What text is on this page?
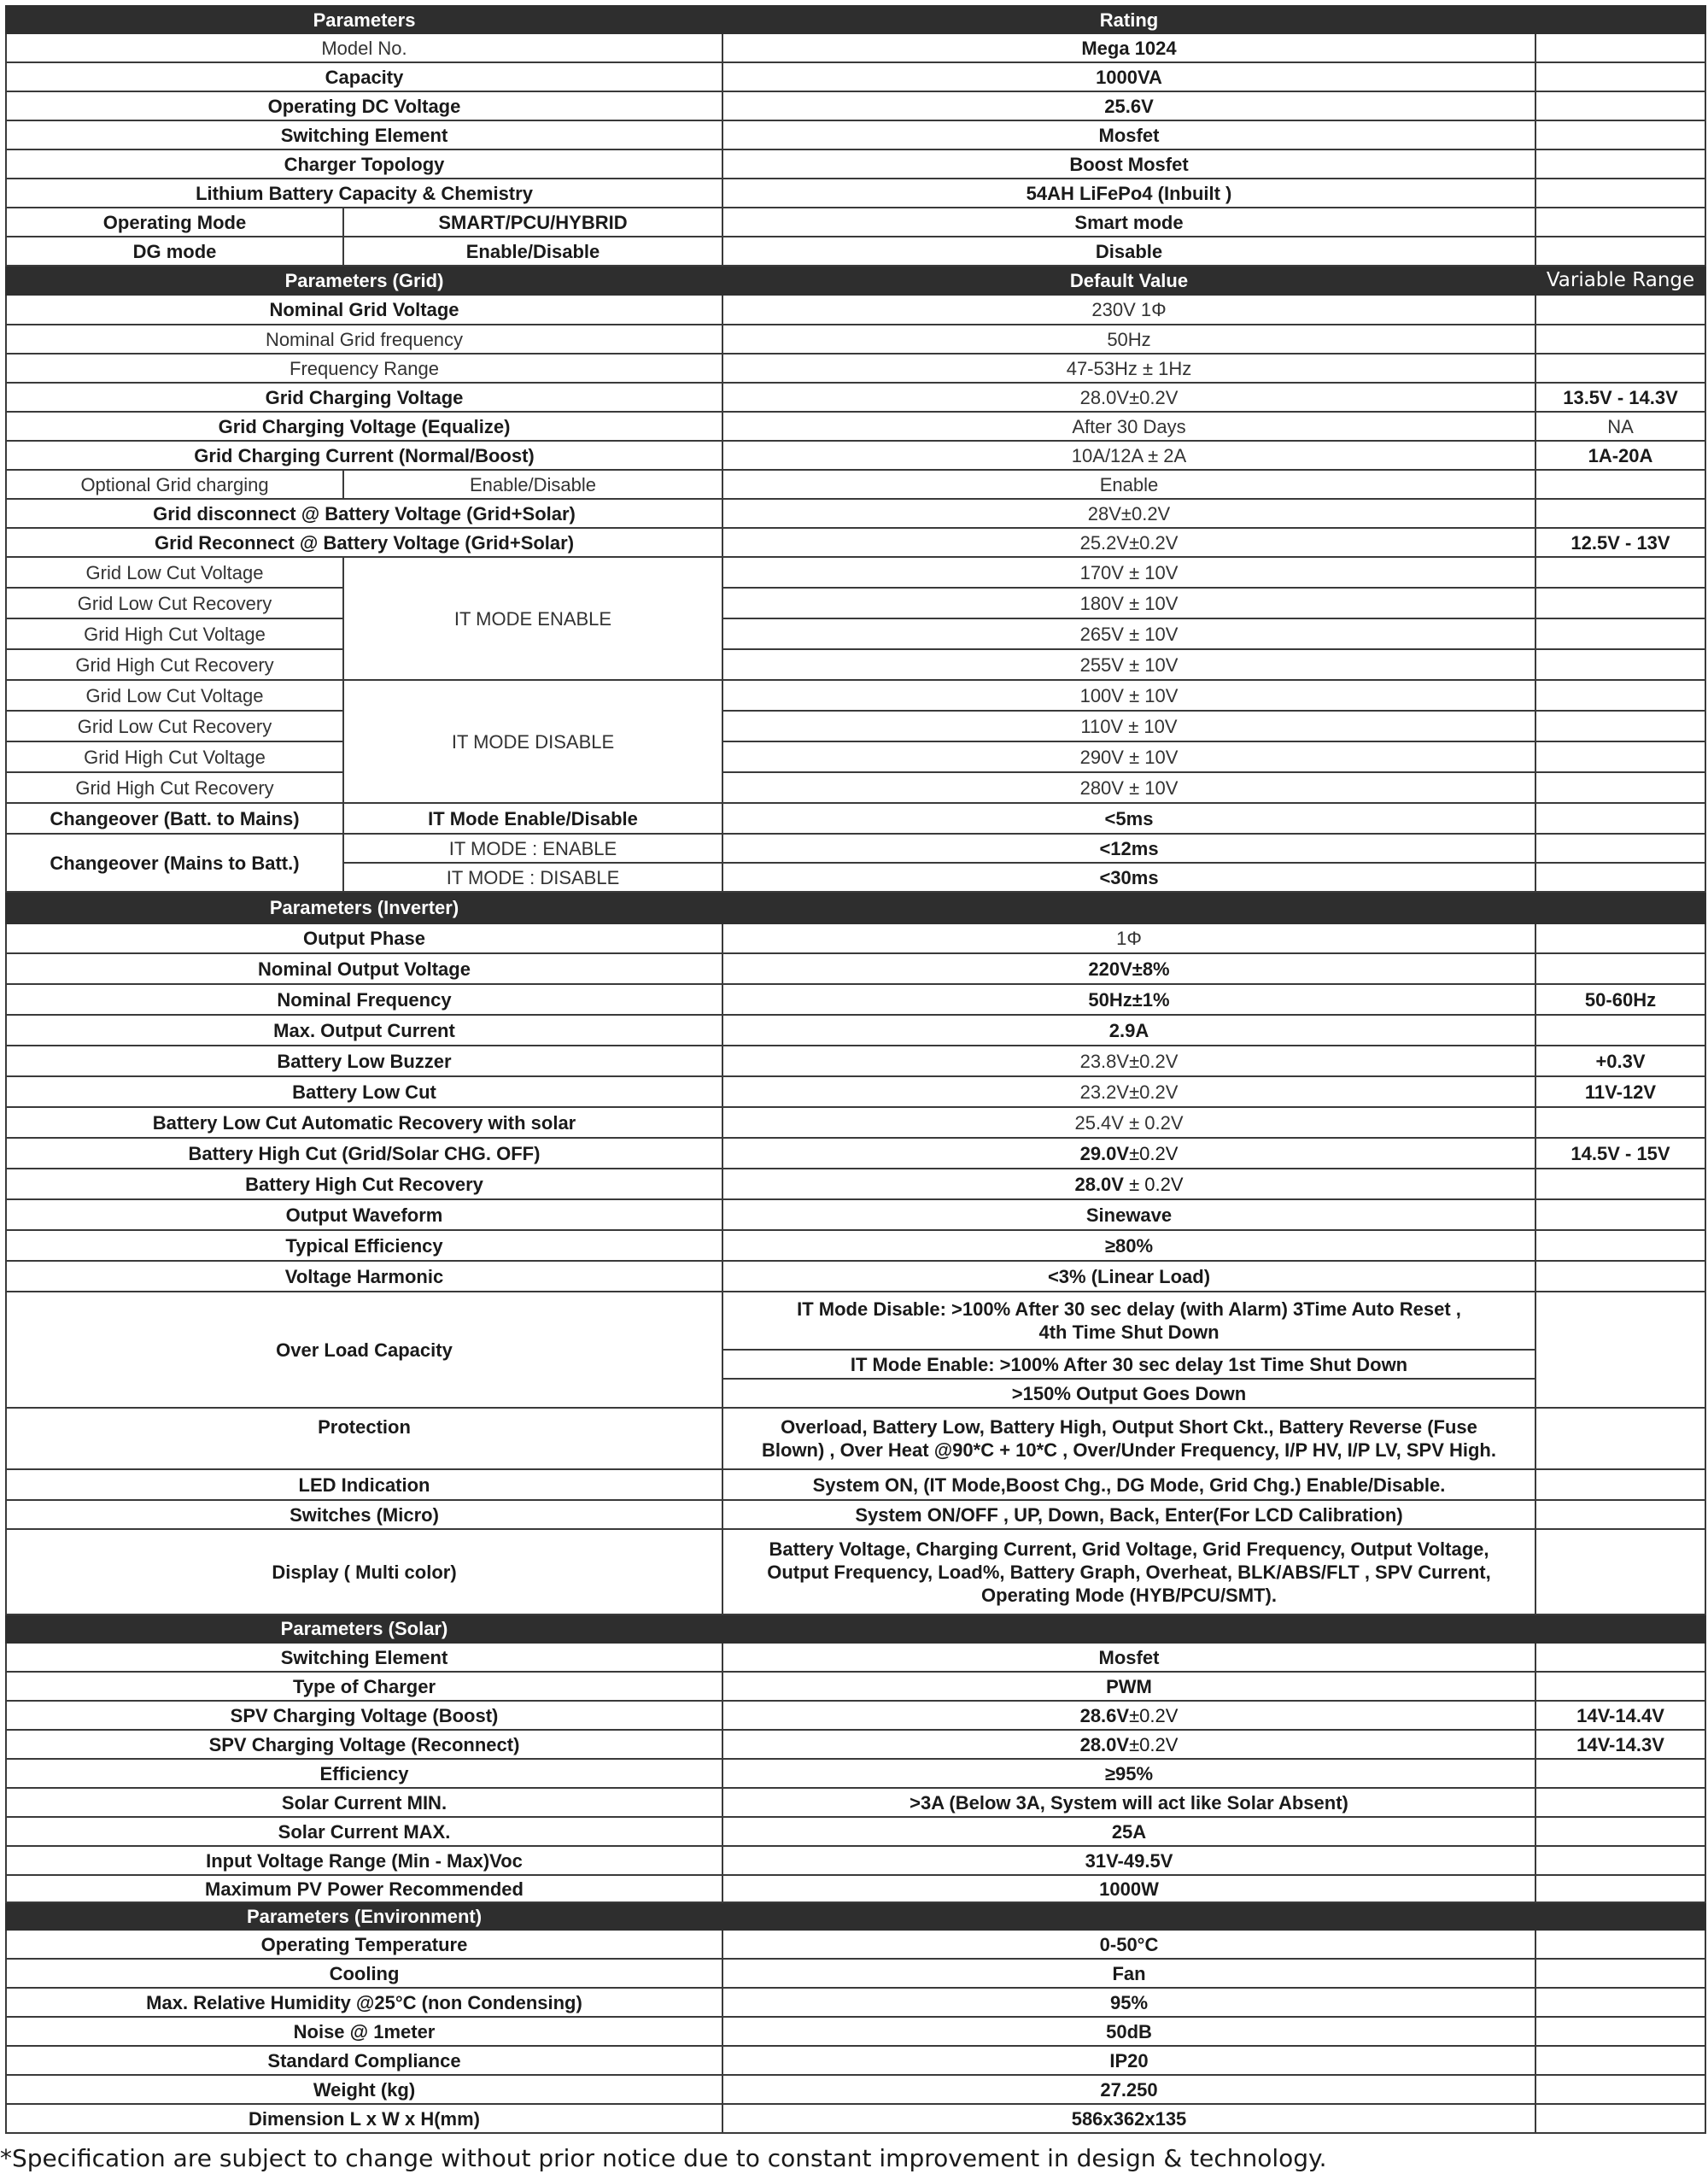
Parameters		Rating	
Model No.		Mega 1024	
Capacity		1000VA	
Operating DC Voltage		25.6V	
Switching Element		Mosfet	
Charger Topology		Boost Mosfet	
Lithium Battery Capacity & Chemistry		54AH LiFePo4 (Inbuilt )	
Operating Mode	SMART/PCU/HYBRID	Smart mode	
DG mode	Enable/Disable	Disable	
Parameters (Grid)		Default Value	Variable Range
Nominal Grid Voltage		230V 1Φ	
Nominal Grid frequency		50Hz	
Frequency Range		47-53Hz ± 1Hz	
Grid Charging Voltage		28.0V±0.2V	13.5V - 14.3V
Grid Charging Voltage (Equalize)		After 30 Days	NA
Grid Charging Current (Normal/Boost)		10A/12A ± 2A	1A-20A
Optional Grid charging	Enable/Disable	Enable	
Grid disconnect @ Battery Voltage (Grid+Solar)		28V±0.2V	
Grid Reconnect @ Battery Voltage (Grid+Solar)		25.2V±0.2V	12.5V - 13V
Grid Low Cut Voltage	IT MODE ENABLE	170V ± 10V	
Grid Low Cut Recovery		180V ± 10V	
Grid High Cut Voltage		265V ± 10V	
Grid High Cut Recovery		255V ± 10V	
Grid Low Cut Voltage	IT MODE DISABLE	100V ± 10V	
Grid Low Cut Recovery		110V ± 10V	
Grid High Cut Voltage		290V ± 10V	
Grid High Cut Recovery		280V ± 10V	
Changeover (Batt. to Mains)	IT Mode Enable/Disable	<5ms	
Changeover (Mains to Batt.)	IT MODE : ENABLE	<12ms	
	IT MODE : DISABLE	<30ms	
Parameters (Inverter)			
Output Phase		1Φ	
Nominal Output Voltage		220V±8%	
Nominal Frequency		50Hz±1%	50-60Hz
Max. Output Current		2.9A	
Battery Low Buzzer		23.8V±0.2V	+0.3V
Battery Low Cut		23.2V±0.2V	11V-12V
Battery Low Cut Automatic Recovery with solar		25.4V ± 0.2V	
Battery High Cut (Grid/Solar CHG. OFF)		29.0V±0.2V	14.5V - 15V
Battery High Cut Recovery		28.0V ± 0.2V	
Output Waveform		Sinewave	
Typical Efficiency		≥80%	
Voltage Harmonic		<3% (Linear Load)	
Over Load Capacity		IT Mode Disable: >100% After 30 sec delay (with Alarm) 3Time Auto Reset ,
4th Time Shut Down	

		IT Mode Enable: >100% After 30 sec delay 1st Time Shut Down	
		>150% Output Goes Down	
Protection		Overload, Battery Low, Battery High, Output Short Ckt., Battery Reverse (Fuse
Blown) , Over Heat @90*C + 10*C , Over/Under Frequency, I/P HV, I/P LV, SPV High.	

LED Indication		System ON, (IT Mode,Boost Chg., DG Mode, Grid Chg.) Enable/Disable.	
Switches (Micro)		System ON/OFF , UP, Down, Back, Enter(For LCD Calibration)	
Display ( Multi color)		Battery Voltage, Charging Current, Grid Voltage, Grid Frequency, Output Voltage,
Output Frequency, Load%, Battery Graph, Overheat, BLK/ABS/FLT , SPV Current,
Operating Mode (HYB/PCU/SMT).	

Parameters (Solar)			
Switching Element		Mosfet	
Type of Charger		PWM	
SPV Charging Voltage (Boost)		28.6V±0.2V	14V-14.4V
SPV Charging Voltage (Reconnect)		28.0V±0.2V	14V-14.3V
Efficiency		≥95%	
Solar Current MIN.		>3A (Below 3A, System will act like Solar Absent)	
Solar Current MAX.		25A	
Input Voltage Range (Min - Max)Voc		31V-49.5V	
Maximum PV Power Recommended		1000W	
Parameters (Environment)			
Operating Temperature		0-50°C	
Cooling		Fan	
Max. Relative Humidity @25°C (non Condensing)		95%	
Noise @ 1meter		50dB	
Standard Compliance		IP20	
Weight (kg)		27.250	
Dimension L x W x H(mm)		586x362x135	
*Specification are subject to change without prior notice due to constant improvement in design & technology.
